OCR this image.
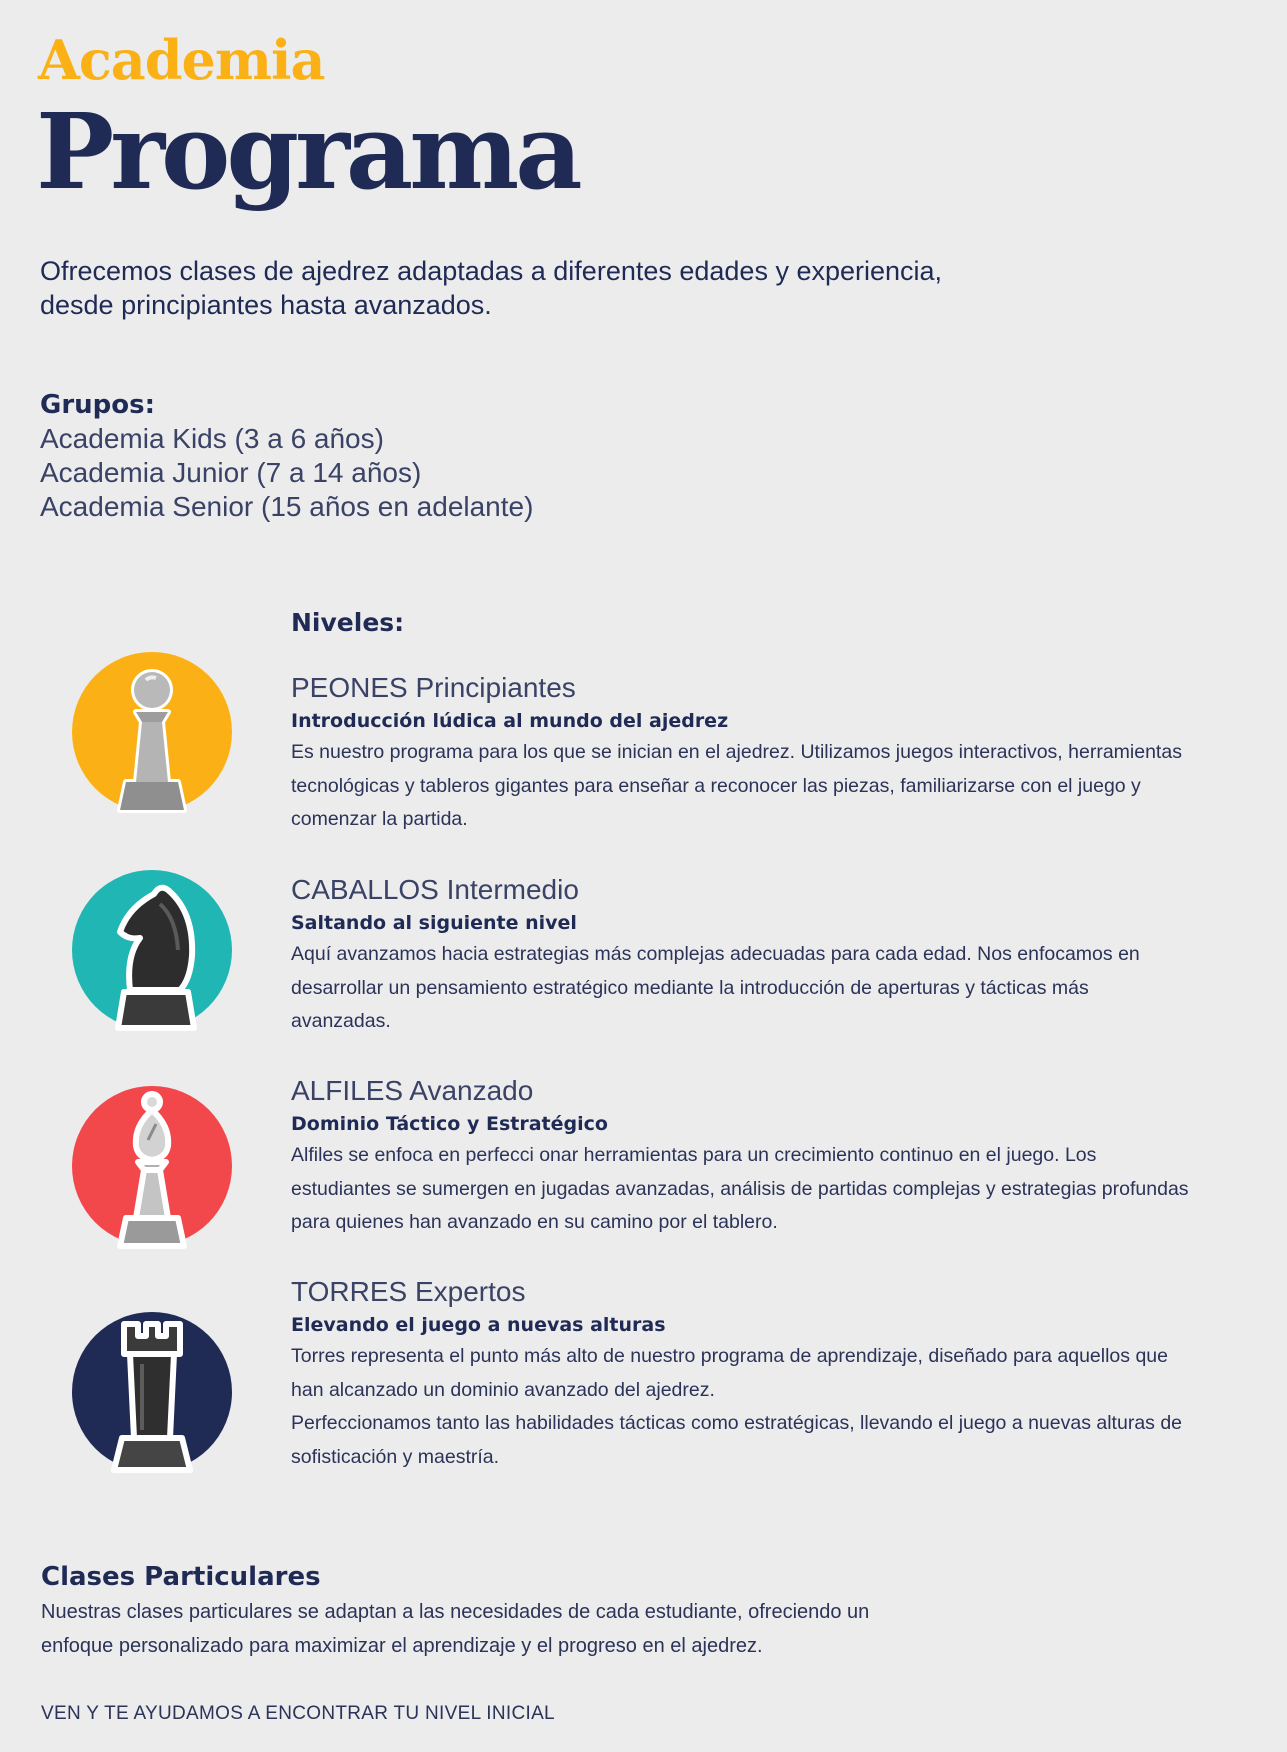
Academia
Programa

Ofrecemos clases de ajedrez adaptadas a diferentes edades y experiencia, desde principiantes hasta avanzados.

Grupos:
Academia Kids (3 a 6 años)
Academia Junior (7 a 14 años)
Academia Senior (15 años en adelante)
Niveles:
PEONES Principiantes
Introducción lúdica al mundo del ajedrez
Es nuestro programa para los que se inician en el ajedrez. Utilizamos juegos interactivos, herramientas tecnológicas y tableros gigantes para enseñar a reconocer las piezas, familiarizarse con el juego y comenzar la partida.
CABALLOS Intermedio
Saltando al siguiente nivel
Aquí avanzamos hacia estrategias más complejas adecuadas para cada edad. Nos enfocamos en desarrollar un pensamiento estratégico mediante la introducción de aperturas y tácticas más avanzadas.
ALFILES Avanzado
Dominio Táctico y Estratégico
Alfiles se enfoca en perfecci onar herramientas para un crecimiento continuo en el juego. Los estudiantes se sumergen en jugadas avanzadas, análisis de partidas complejas y estrategias profundas para quienes han avanzado en su camino por el tablero.
TORRES Expertos
Elevando el juego a nuevas alturas
Torres representa el punto más alto de nuestro programa de aprendizaje, diseñado para aquellos que han alcanzado un dominio avanzado del ajedrez.
Perfeccionamos tanto las habilidades tácticas como estratégicas, llevando el juego a nuevas alturas de sofisticación y maestría.
Clases Particulares
Nuestras clases particulares se adaptan a las necesidades de cada estudiante, ofreciendo un enfoque personalizado para maximizar el aprendizaje y el progreso en el ajedrez.
VEN Y TE AYUDAMOS A ENCONTRAR TU NIVEL INICIAL
